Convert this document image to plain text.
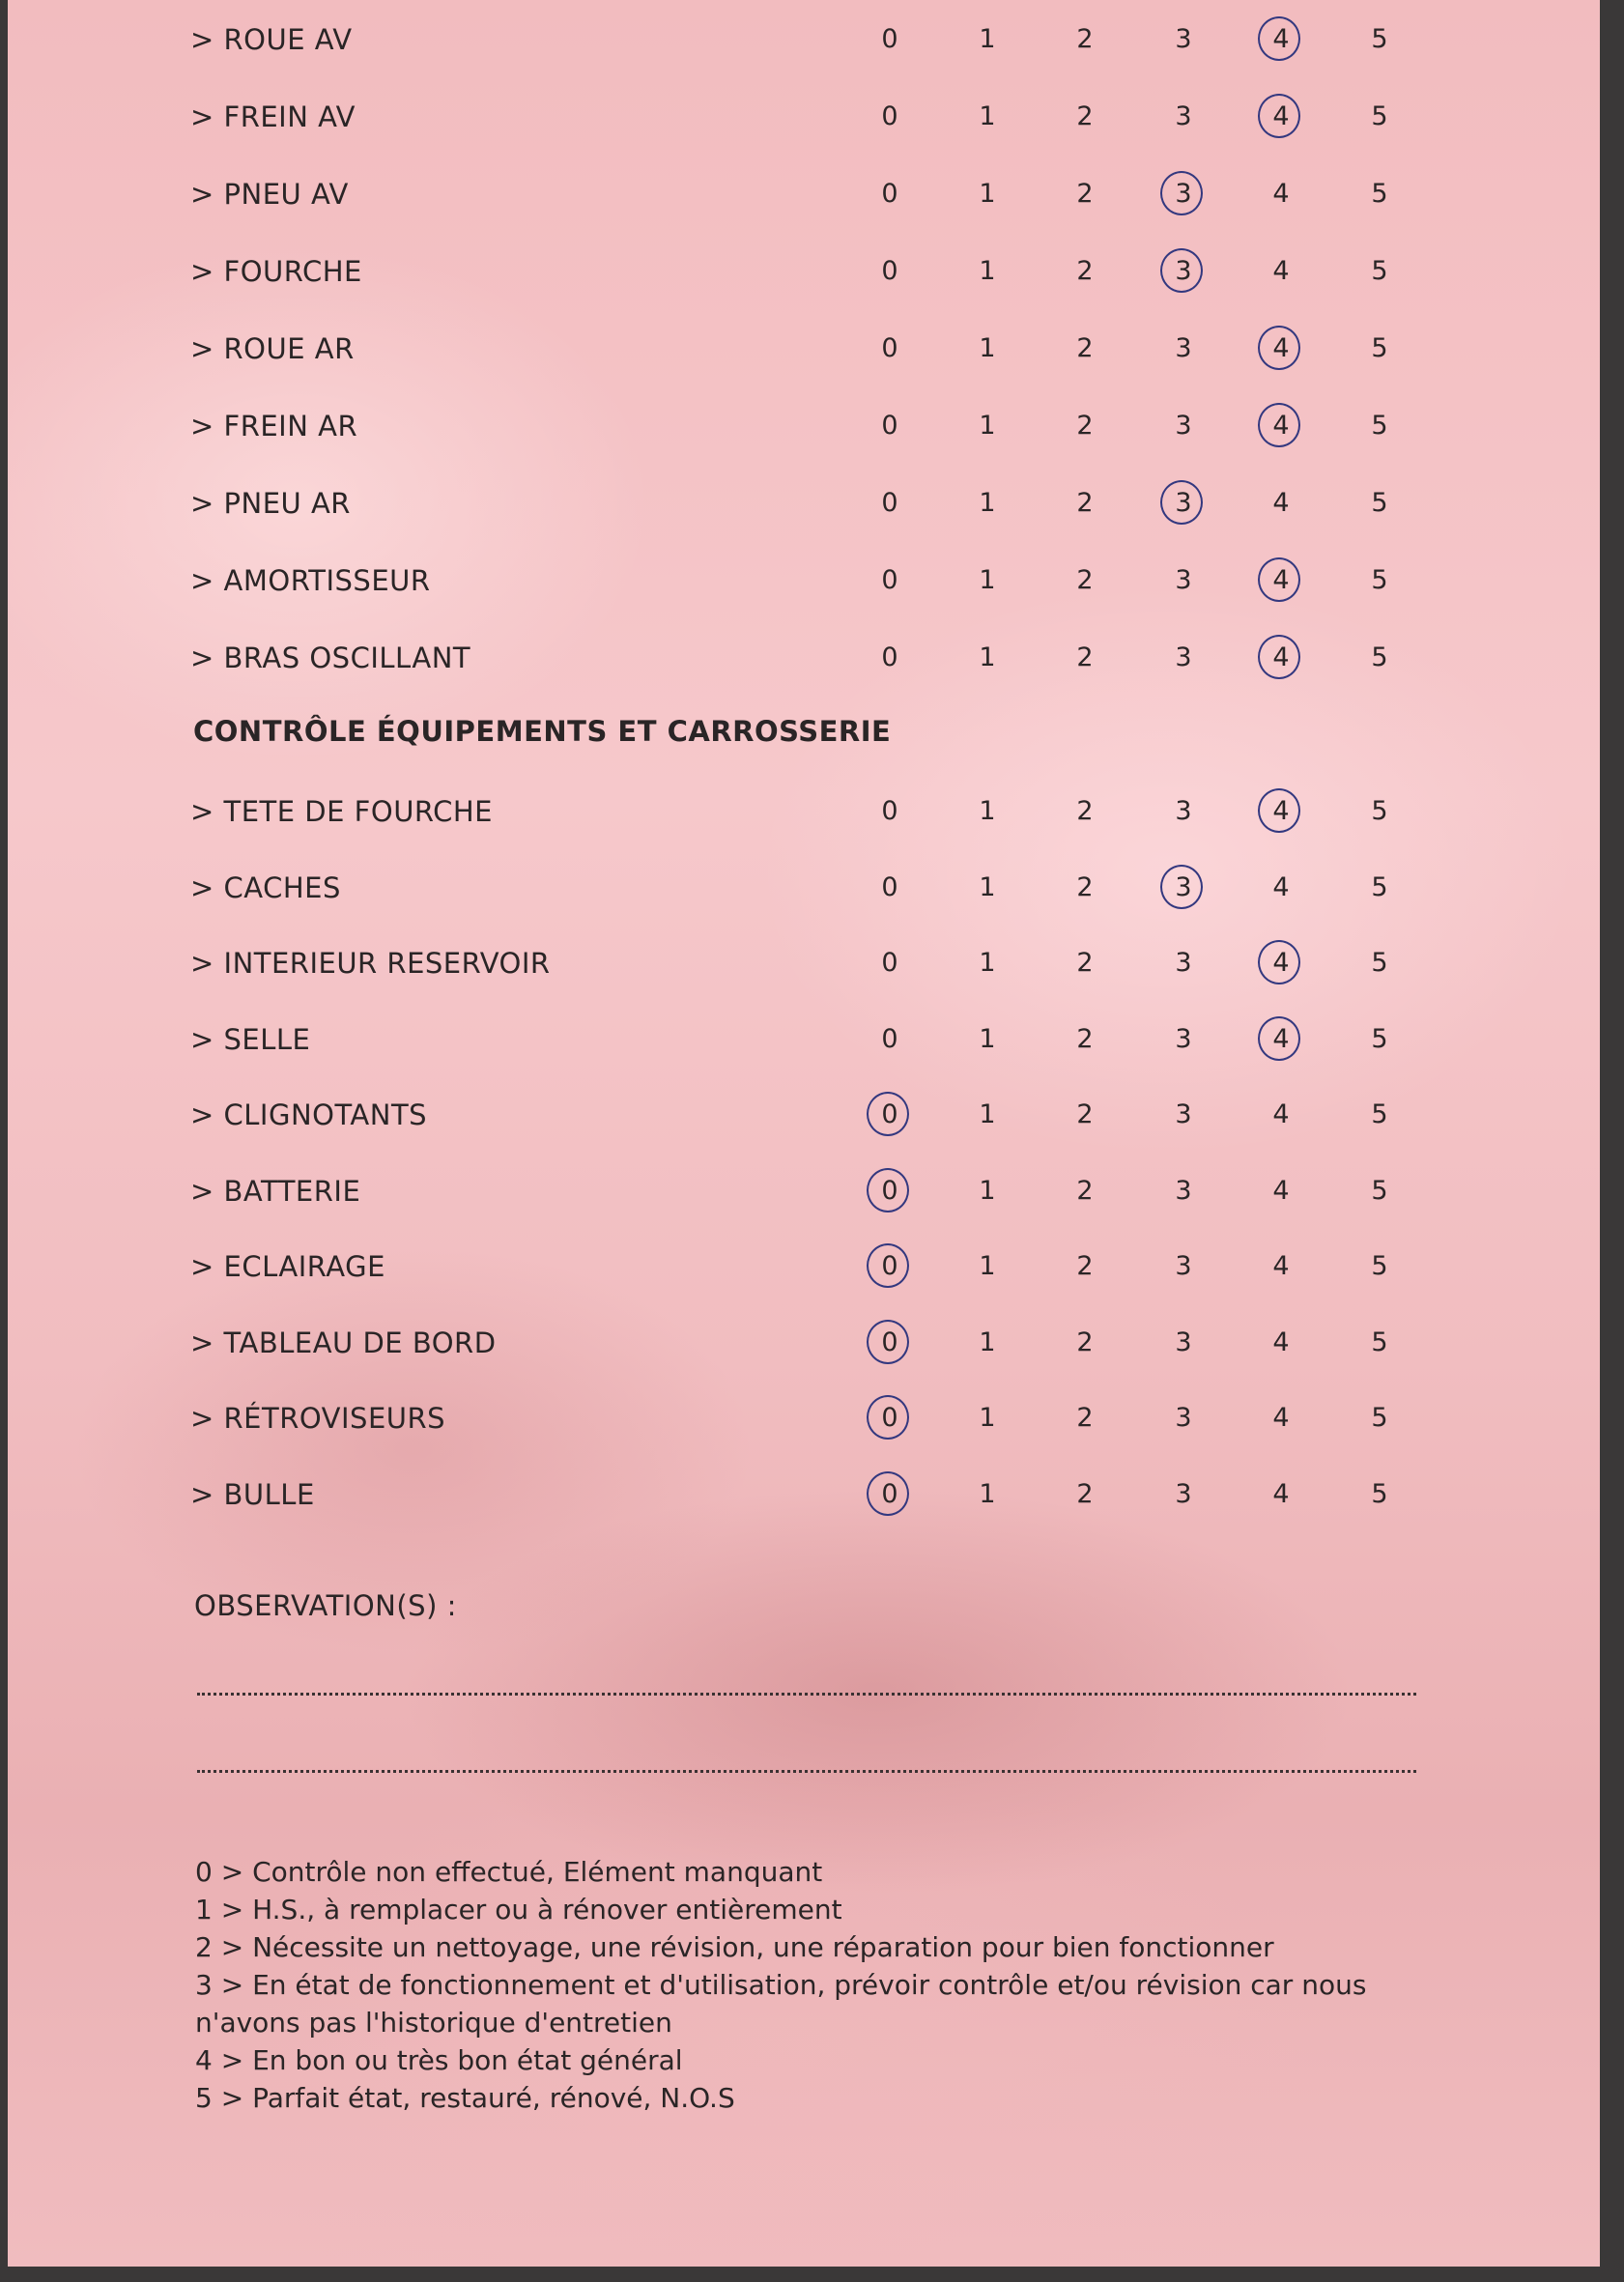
> ROUE AV	0	1	2	3	4	5
> FREIN AV	0	1	2	3	4	5
> PNEU AV	0	1	2	3	4	5
> FOURCHE	0	1	2	3	4	5
> ROUE AR	0	1	2	3	4	5
> FREIN AR	0	1	2	3	4	5
> PNEU AR	0	1	2	3	4	5
> AMORTISSEUR	0	1	2	3	4	5
> BRAS OSCILLANT	0	1	2	3	4	5
CONTRÔLE ÉQUIPEMENTS ET CARROSSERIE
> TETE DE FOURCHE	0	1	2	3	4	5
> CACHES	0	1	2	3	4	5
> INTERIEUR RESERVOIR	0	1	2	3	4	5
> SELLE	0	1	2	3	4	5
> CLIGNOTANTS	0	1	2	3	4	5
> BATTERIE	0	1	2	3	4	5
> ECLAIRAGE	0	1	2	3	4	5
> TABLEAU DE BORD	0	1	2	3	4	5
> RÉTROVISEURS	0	1	2	3	4	5
> BULLE	0	1	2	3	4	5
OBSERVATION(S) :
0 > Contrôle non effectué, Elément manquant
1 > H.S., à remplacer ou à rénover entièrement
2 > Nécessite un nettoyage, une révision, une réparation pour bien fonctionner
3 > En état de fonctionnement et d'utilisation, prévoir contrôle et/ou révision car nous n'avons pas l'historique d'entretien
4 > En bon ou très bon état général
5 > Parfait état, restauré, rénové, N.O.S
